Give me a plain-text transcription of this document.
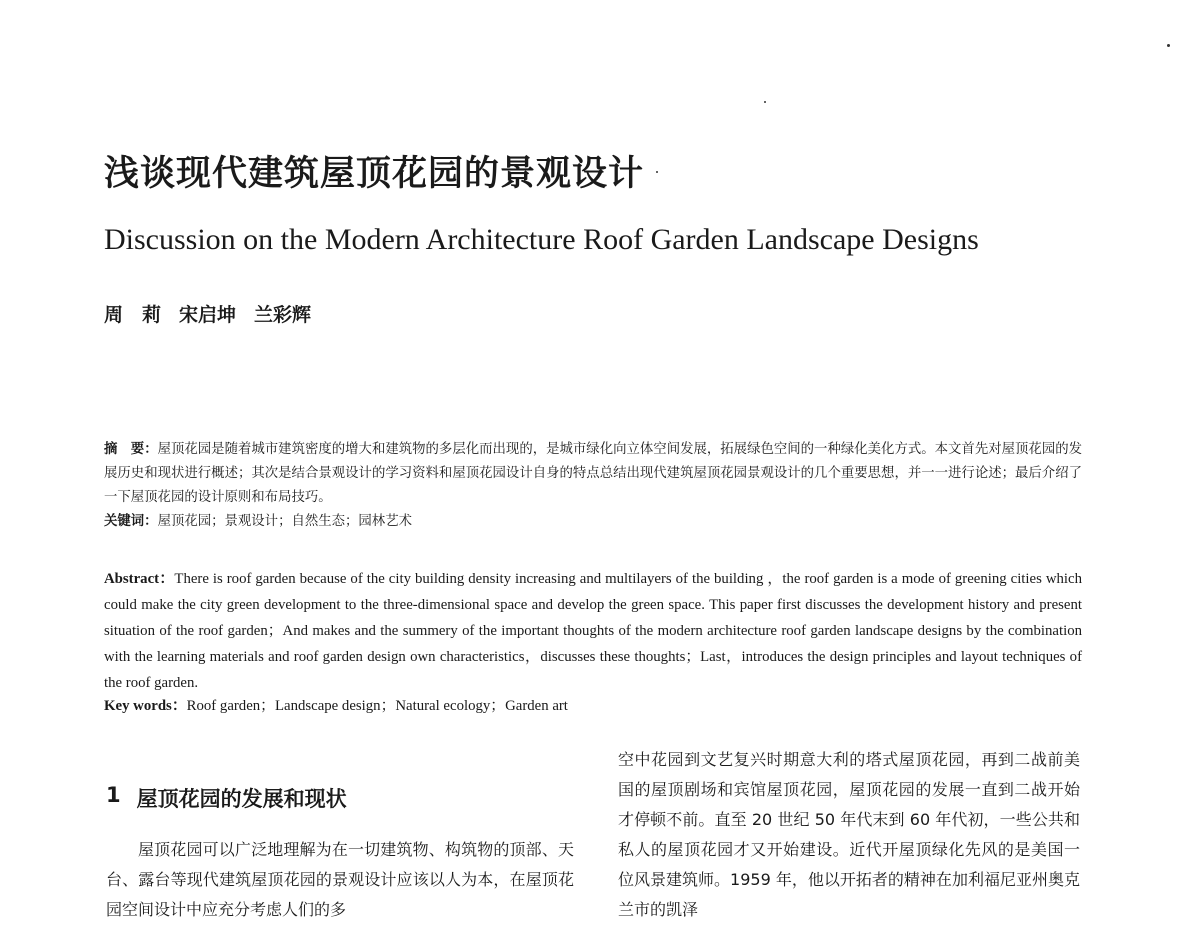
浅谈现代建筑屋顶花园的景观设计
Discussion on the Modern Architecture Roof Garden Landscape Designs
周　莉 宋启坤 兰彩辉
摘　要：屋顶花园是随着城市建筑密度的增大和建筑物的多层化而出现的，是城市绿化向立体空间发展，拓展绿色空间的一种绿化美化方式。本文首先对屋顶花园的发展历史和现状进行概述；其次是结合景观设计的学习资料和屋顶花园设计自身的特点总结出现代建筑屋顶花园景观设计的几个重要思想，并一一进行论述；最后介绍了一下屋顶花园的设计原则和布局技巧。
关键词：屋顶花园；景观设计；自然生态；园林艺术
Abstract：There is roof garden because of the city building density increasing and multilayers of the building ，the roof garden is a mode of greening cities which could make the city green development to the three-dimensional space and develop the green space. This paper first discusses the development history and present situation of the roof garden；And makes and the summery of the important thoughts of the modern architecture roof garden landscape designs by the combination with the learning materials and roof garden design own characteristics，discusses these thoughts；Last，introduces the design principles and layout techniques of the roof garden.
Key words：Roof garden；Landscape design；Natural ecology；Garden art
1 屋顶花园的发展和现状

屋顶花园可以广泛地理解为在一切建筑物、构筑物的顶部、天台、露台等现代建筑屋顶花园的景观设计应该以人为本，在屋顶花园空间设计中应充分考虑人们的多

空中花园到文艺复兴时期意大利的塔式屋顶花园，再到二战前美国的屋顶剧场和宾馆屋顶花园，屋顶花园的发展一直到二战开始才停顿不前。直至 20 世纪 50 年代末到 60 年代初，一些公共和私人的屋顶花园才又开始建设。近代开屋顶绿化先风的是美国一位风景建筑师。1959 年，他以开拓者的精神在加利福尼亚州奥克兰市的凯泽
